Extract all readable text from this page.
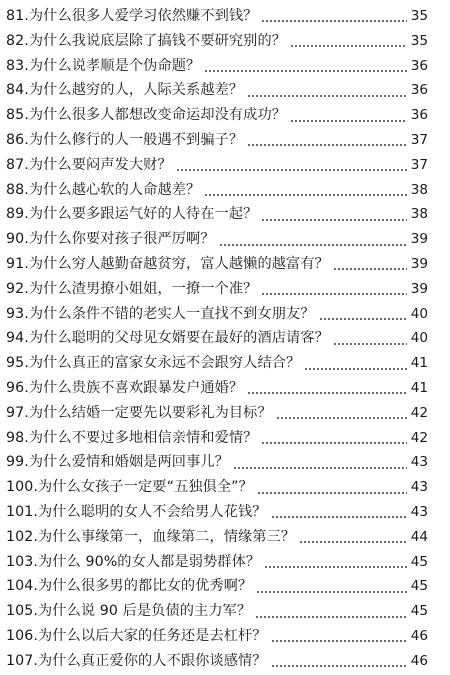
81.为什么很多人爱学习依然赚不到钱？	35
82.为什么我说底层除了搞钱不要研究别的？	35
83.为什么说孝顺是个伪命题？	36
84.为什么越穷的人，人际关系越差？	36
85.为什么很多人都想改变命运却没有成功？	36
86.为什么修行的人一般遇不到骗子？	37
87.为什么要闷声发大财？	37
88.为什么越心软的人命越差？	38
89.为什么要多跟运气好的人待在一起？	38
90.为什么你要对孩子很严厉啊？	39
91.为什么穷人越勤奋越贫穷，富人越懒的越富有？	39
92.为什么渣男撩小姐姐，一撩一个准？	39
93.为什么条件不错的老实人一直找不到女朋友？	40
94.为什么聪明的父母见女婿要在最好的酒店请客？	40
95.为什么真正的富家女永远不会跟穷人结合？	41
96.为什么贵族不喜欢跟暴发户通婚？	41
97.为什么结婚一定要先以要彩礼为目标？	42
98.为什么不要过多地相信亲情和爱情？	42
99.为什么爱情和婚姻是两回事儿？	43
100.为什么女孩子一定要“五独俱全”？	43
101.为什么聪明的女人不会给男人花钱？	43
102.为什么事缘第一，血缘第二，情缘第三？	44
103.为什么 90%的女人都是弱势群体？	45
104.为什么很多男的都比女的优秀啊？	45
105.为什么说 90 后是负债的主力军？	45
106.为什么以后大家的任务还是去杠杆？	46
107.为什么真正爱你的人不跟你谈感情？	46
